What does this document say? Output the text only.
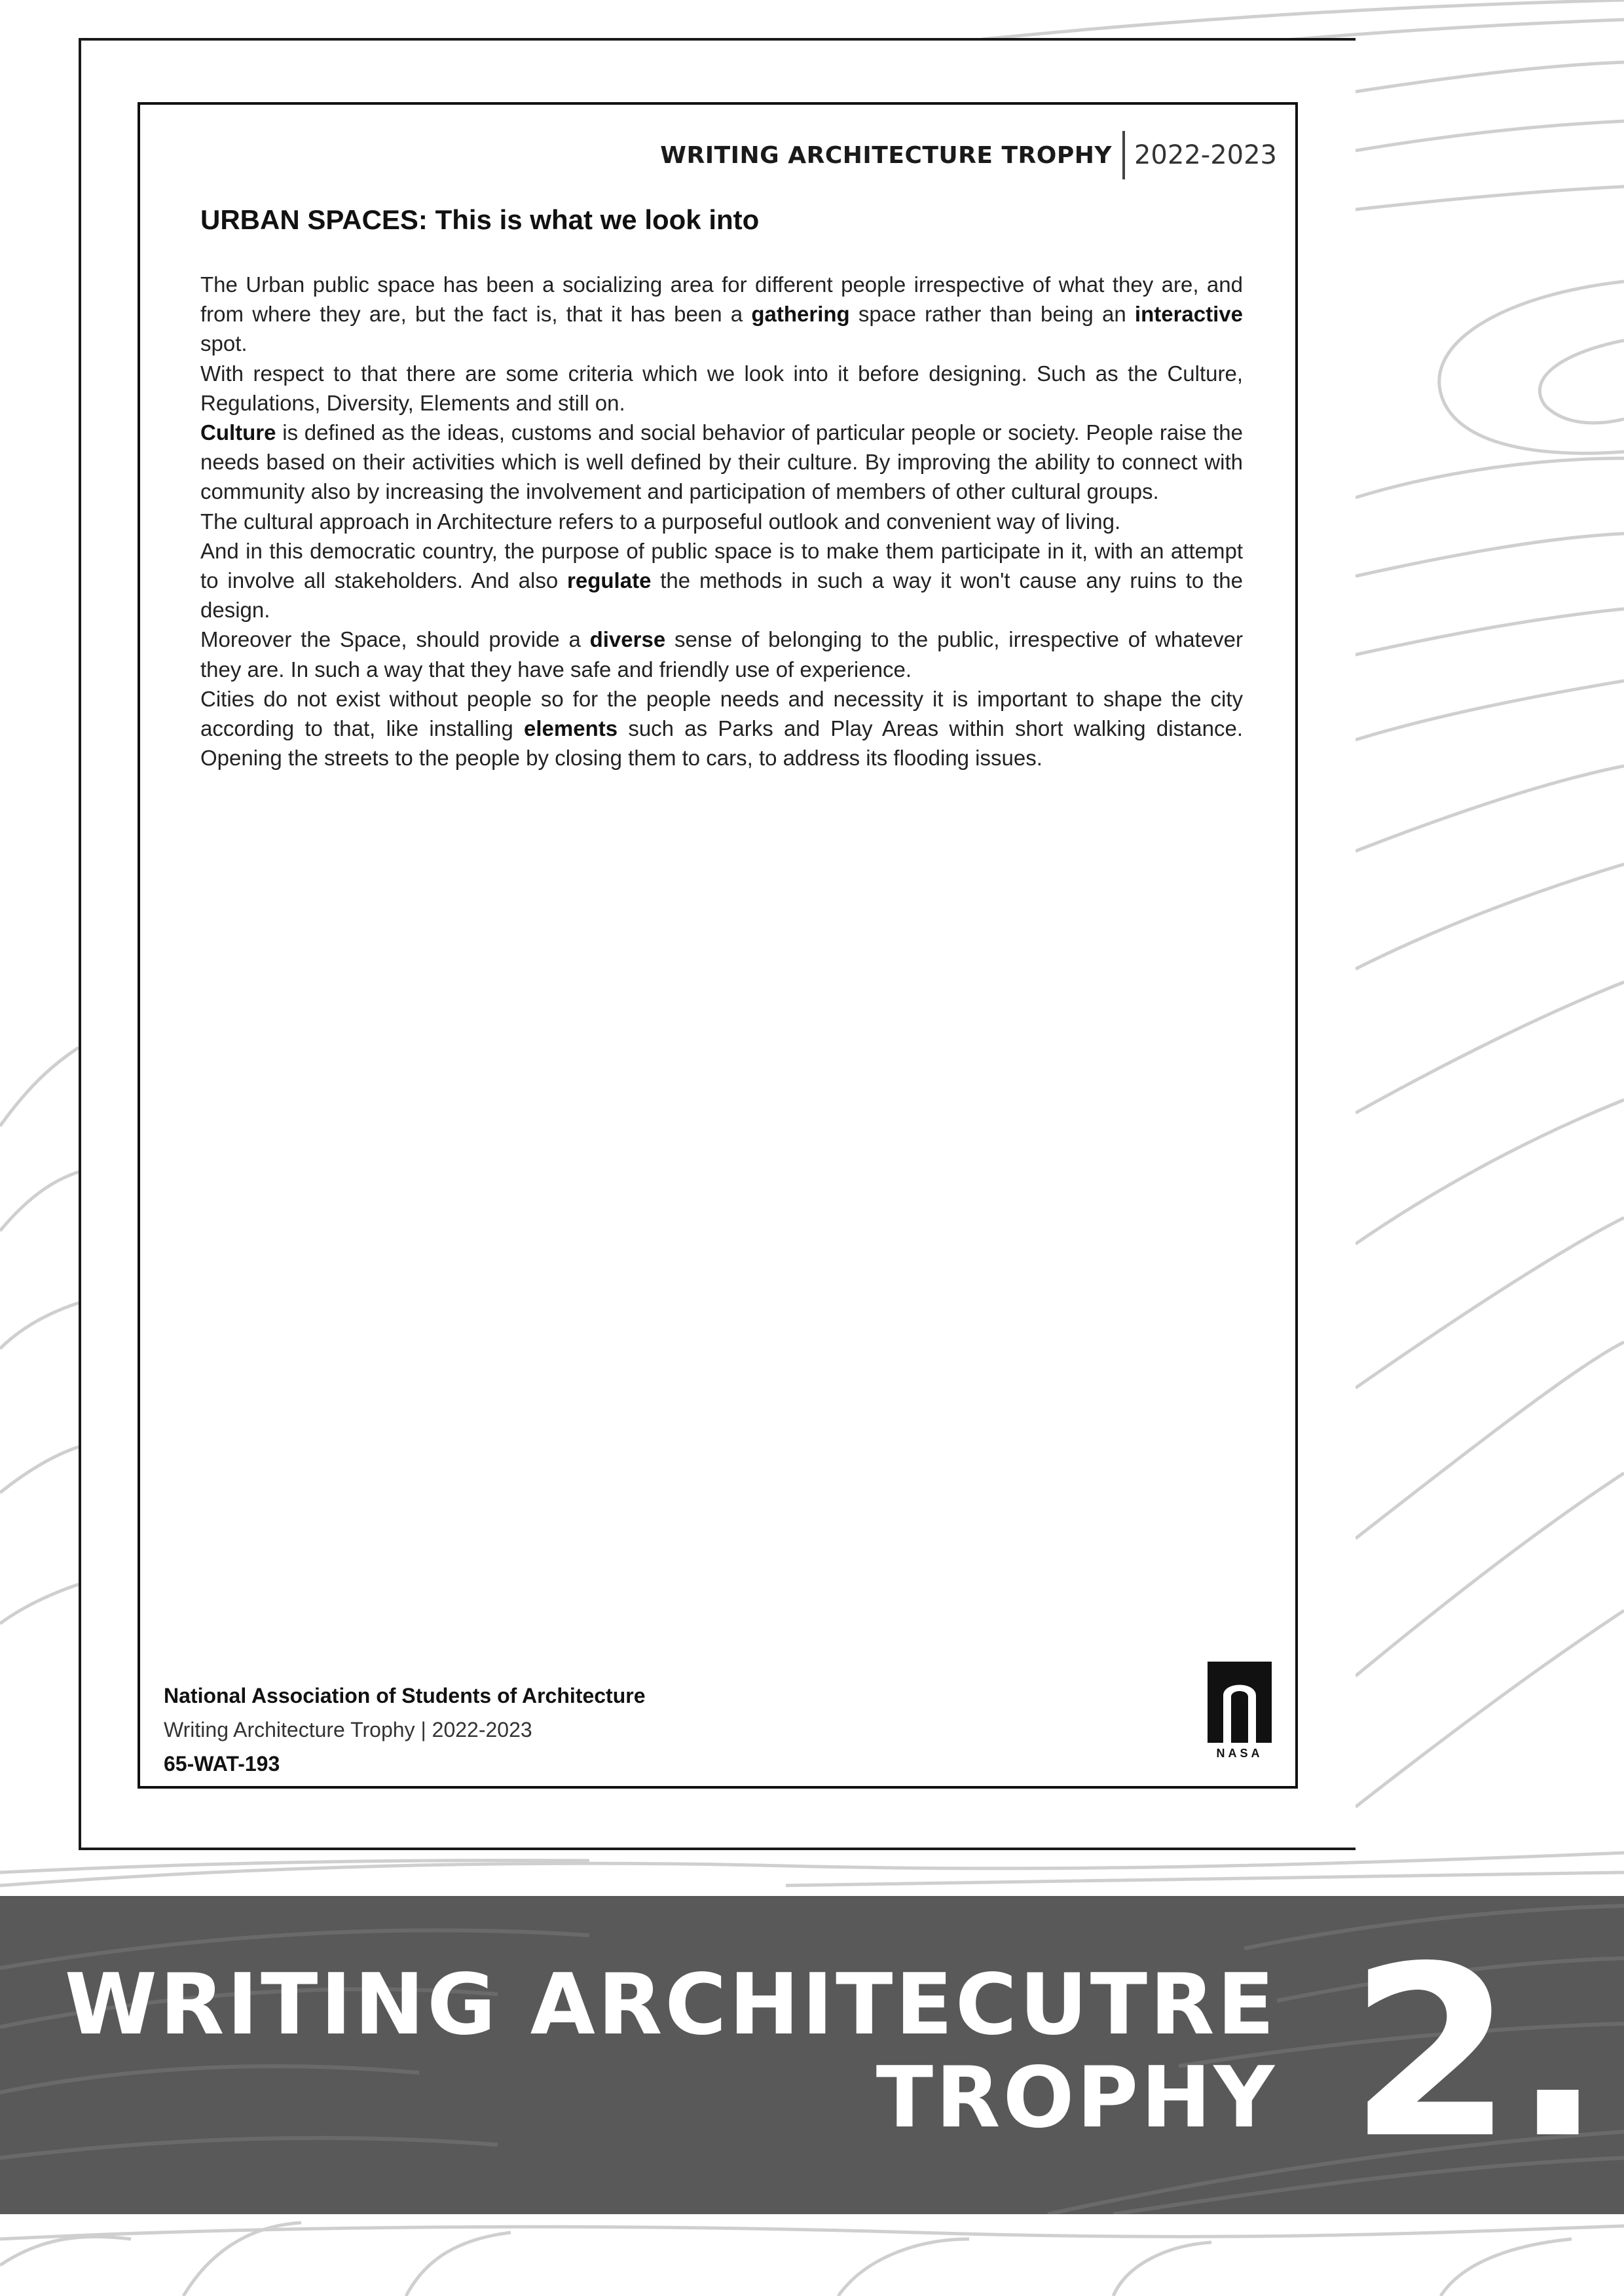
WRITING ARCHITECTURE TROPHY 2022-2023
URBAN SPACES: This is what we look into

The Urban public space has been a socializing area for different people irrespective of what they are, and from where they are, but the fact is, that it has been a gathering space rather than being an interactive spot.

With respect to that there are some criteria which we look into it before designing. Such as the Culture, Regulations, Diversity, Elements and still on.

Culture is defined as the ideas, customs and social behavior of particular people or society. People raise the needs based on their activities which is well defined by their culture. By improving the ability to connect with community also by increasing the involvement and participation of members of other cultural groups.

The cultural approach in Architecture refers to a purposeful outlook and convenient way of living.

And in this democratic country, the purpose of public space is to make them participate in it, with an attempt to involve all stakeholders. And also regulate the methods in such a way it won't cause any ruins to the design.

Moreover the Space, should provide a diverse sense of belonging to the public, irrespective of whatever they are. In such a way that they have safe and friendly use of experience.

Cities do not exist without people so for the people needs and necessity it is important to shape the city according to that, like installing elements such as Parks and Play Areas within short walking distance. Opening the streets to the people by closing them to cars, to address its flooding issues.

National Association of Students of Architecture
Writing Architecture Trophy | 2022-2023
65-WAT-193	NASA
WRITING ARCHITECUTRE
TROPHY 2.
